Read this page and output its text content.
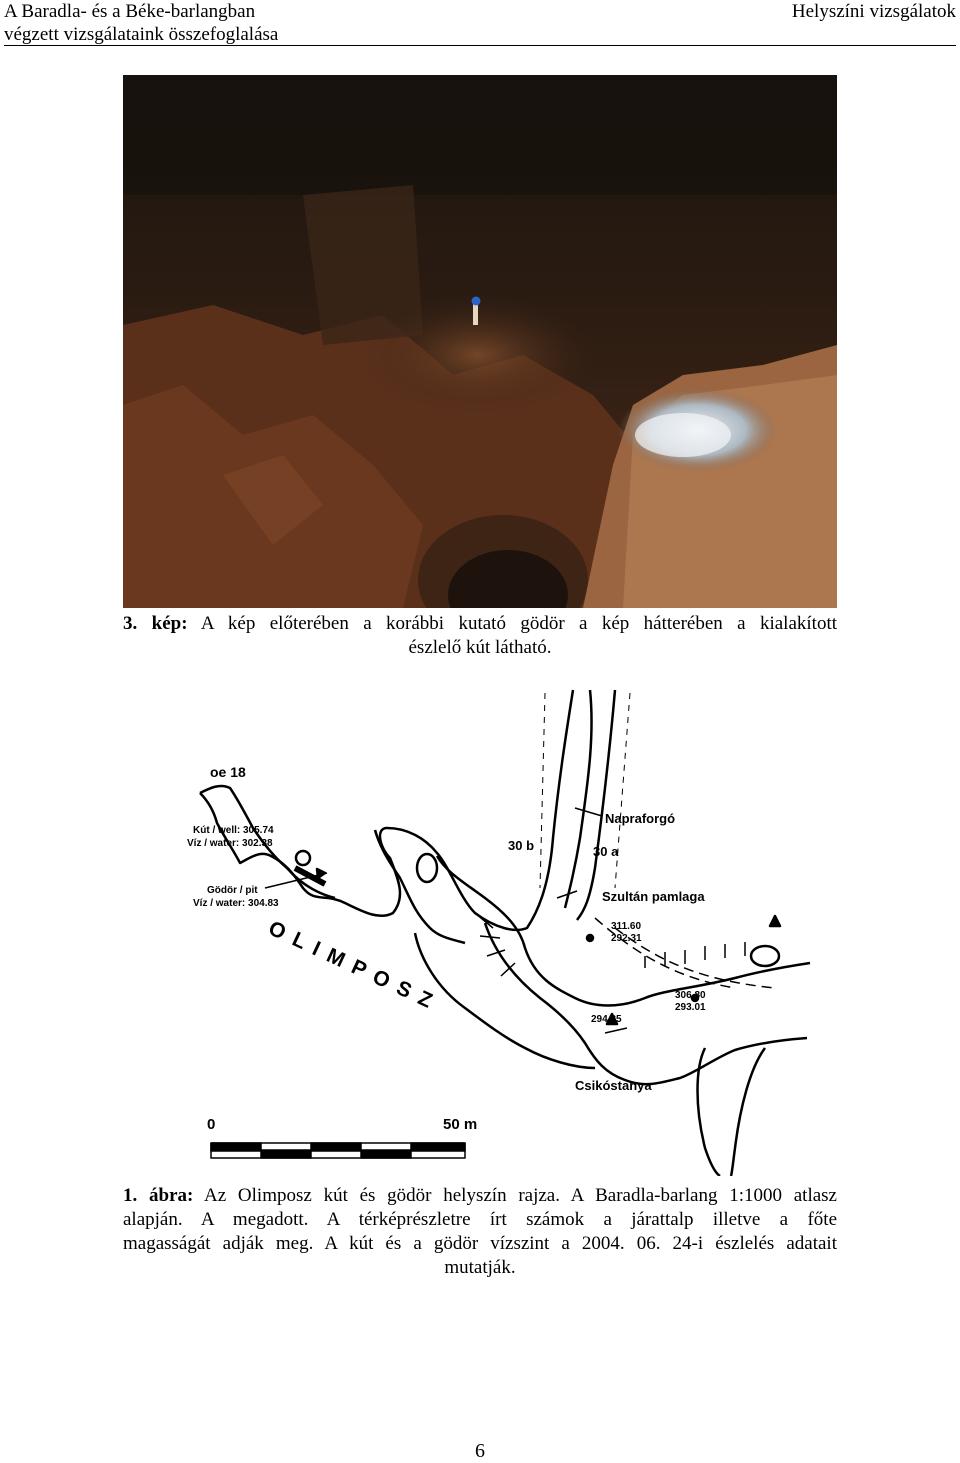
A Baradla- és a Béke-barlangban
végzett vizsgálataink összefoglalása
Helyszíni vizsgálatok
3. kép: A kép előterében a korábbi kutató gödör a kép hátterében a kialakított
észlelő kút látható.
oe 18
Kút / well: 305.74
Víz / water: 302.38
Gödör / pit
Víz / water: 304.83
O L I M P O S Z
Napraforgó
30 b	30 a
Szultán pamlaga
311.60
292.31
306.80
293.01
294.35
Csikóstanya
0	50 m
1. ábra: Az Olimposz kút és gödör helyszín rajza. A Baradla-barlang 1:1000 atlasz
alapján. A megadott. A térképrészletre írt számok a járattalp illetve a főte
magasságát adják meg. A kút és a gödör vízszint a 2004. 06. 24-i észlelés adatait
mutatják.
6
